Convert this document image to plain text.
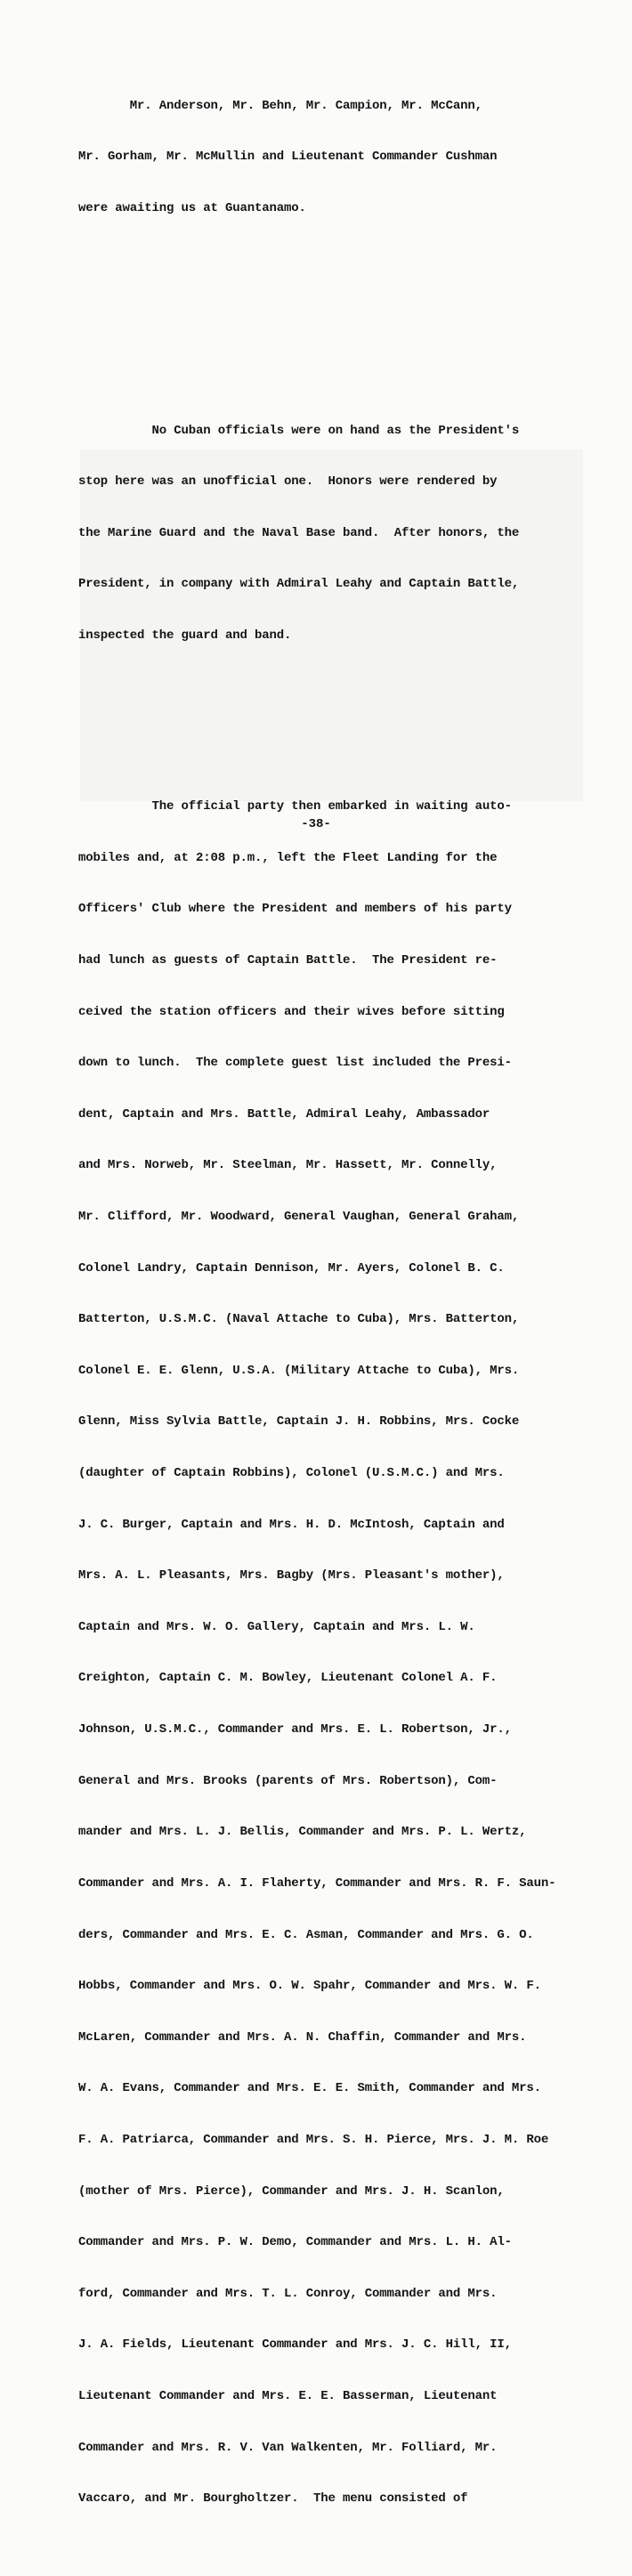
Mr. Anderson, Mr. Behn, Mr. Campion, Mr. McCann,

Mr. Gorham, Mr. McMullin and Lieutenant Commander Cushman

were awaiting us at Guantanamo.

No Cuban officials were on hand as the President's

stop here was an unofficial one.  Honors were rendered by

the Marine Guard and the Naval Base band.  After honors, the

President, in company with Admiral Leahy and Captain Battle,

inspected the guard and band.

The official party then embarked in waiting auto-

mobiles and, at 2:08 p.m., left the Fleet Landing for the

Officers' Club where the President and members of his party

had lunch as guests of Captain Battle.  The President re-

ceived the station officers and their wives before sitting

down to lunch.  The complete guest list included the Presi-

dent, Captain and Mrs. Battle, Admiral Leahy, Ambassador

and Mrs. Norweb, Mr. Steelman, Mr. Hassett, Mr. Connelly,

Mr. Clifford, Mr. Woodward, General Vaughan, General Graham,

Colonel Landry, Captain Dennison, Mr. Ayers, Colonel B. C.

Batterton, U.S.M.C. (Naval Attache to Cuba), Mrs. Batterton,

Colonel E. E. Glenn, U.S.A. (Military Attache to Cuba), Mrs.

Glenn, Miss Sylvia Battle, Captain J. H. Robbins, Mrs. Cocke

(daughter of Captain Robbins), Colonel (U.S.M.C.) and Mrs.

J. C. Burger, Captain and Mrs. H. D. McIntosh, Captain and

Mrs. A. L. Pleasants, Mrs. Bagby (Mrs. Pleasant's mother),

Captain and Mrs. W. O. Gallery, Captain and Mrs. L. W.

Creighton, Captain C. M. Bowley, Lieutenant Colonel A. F.

Johnson, U.S.M.C., Commander and Mrs. E. L. Robertson, Jr.,

General and Mrs. Brooks (parents of Mrs. Robertson), Com-

mander and Mrs. L. J. Bellis, Commander and Mrs. P. L. Wertz,

Commander and Mrs. A. I. Flaherty, Commander and Mrs. R. F. Saun-

ders, Commander and Mrs. E. C. Asman, Commander and Mrs. G. O.

Hobbs, Commander and Mrs. O. W. Spahr, Commander and Mrs. W. F.

McLaren, Commander and Mrs. A. N. Chaffin, Commander and Mrs.

W. A. Evans, Commander and Mrs. E. E. Smith, Commander and Mrs.

F. A. Patriarca, Commander and Mrs. S. H. Pierce, Mrs. J. M. Roe

(mother of Mrs. Pierce), Commander and Mrs. J. H. Scanlon,

Commander and Mrs. P. W. Demo, Commander and Mrs. L. H. Al-

ford, Commander and Mrs. T. L. Conroy, Commander and Mrs.

J. A. Fields, Lieutenant Commander and Mrs. J. C. Hill, II,

Lieutenant Commander and Mrs. E. E. Basserman, Lieutenant

Commander and Mrs. R. V. Van Walkenten, Mr. Folliard, Mr.

Vaccaro, and Mr. Bourgholtzer.  The menu consisted of

-38-
